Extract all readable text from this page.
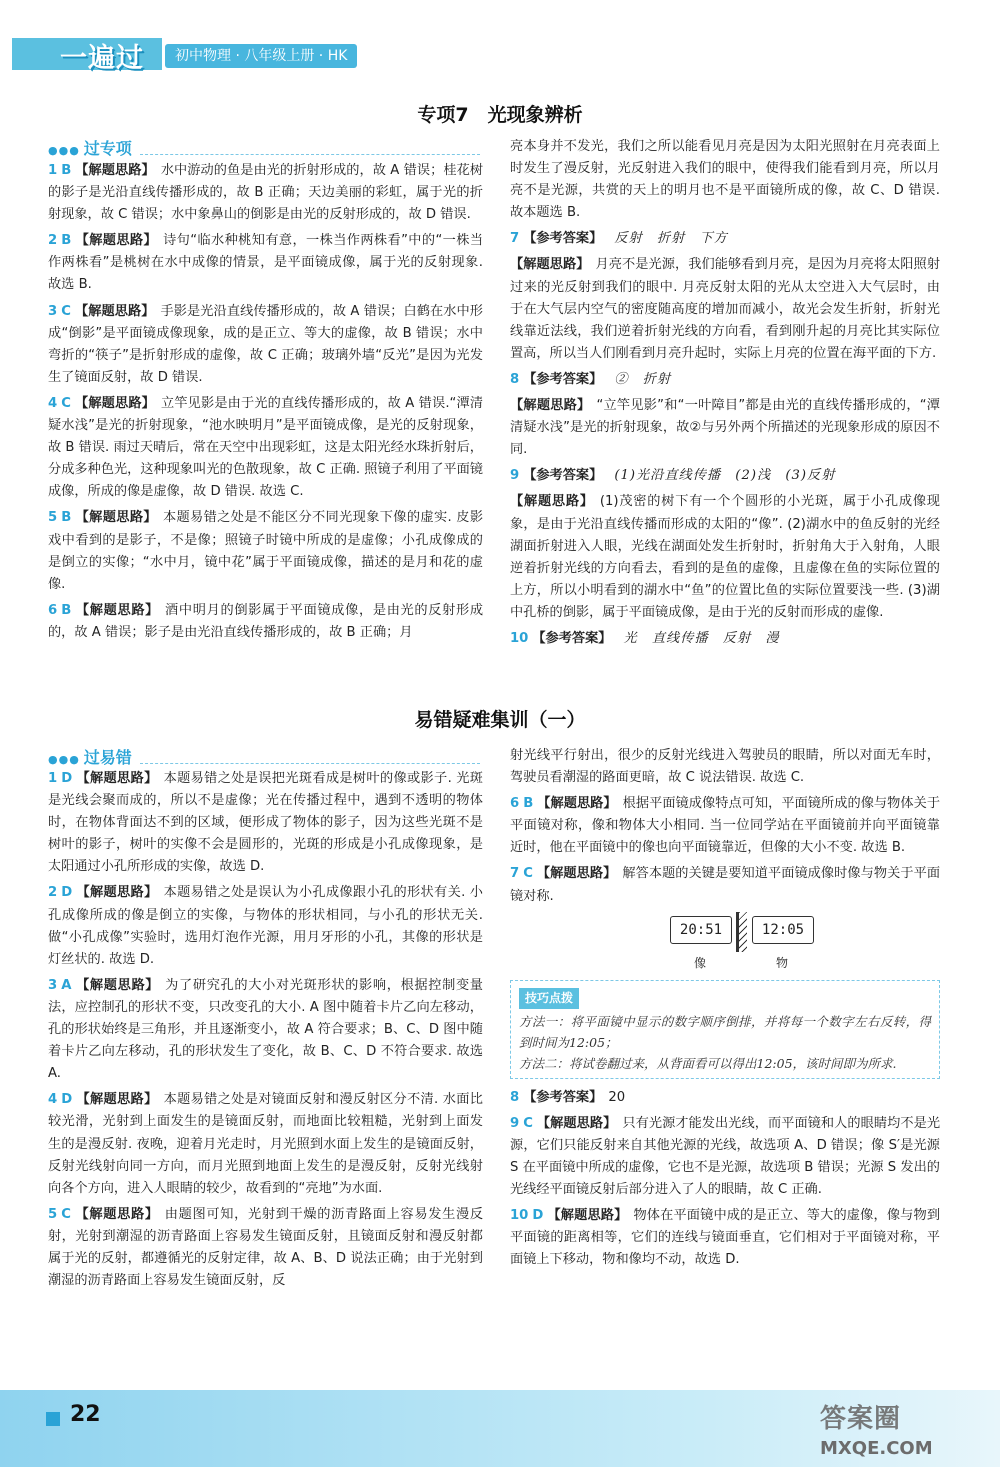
一遍过	初中物理 · 八年级上册 · HK
专项7　光现象辨析
●●● 过专项
1 B 【解题思路】 水中游动的鱼是由光的折射形成的，故 A 错误；桂花树的影子是光沿直线传播形成的，故 B 正确；天边美丽的彩虹，属于光的折射现象，故 C 错误；水中象鼻山的倒影是由光的反射形成的，故 D 错误.
2 B 【解题思路】 诗句“临水种桃知有意，一株当作两株看”中的“一株当作两株看”是桃树在水中成像的情景，是平面镜成像，属于光的反射现象. 故选 B.
3 C 【解题思路】 手影是光沿直线传播形成的，故 A 错误；白鹤在水中形成“倒影”是平面镜成像现象，成的是正立、等大的虚像，故 B 错误；水中弯折的“筷子”是折射形成的虚像，故 C 正确；玻璃外墙“反光”是因为光发生了镜面反射，故 D 错误.
4 C 【解题思路】 立竿见影是由于光的直线传播形成的，故 A 错误.“潭清疑水浅”是光的折射现象，“池水映明月”是平面镜成像，是光的反射现象，故 B 错误. 雨过天晴后，常在天空中出现彩虹，这是太阳光经水珠折射后，分成多种色光，这种现象叫光的色散现象，故 C 正确. 照镜子利用了平面镜成像，所成的像是虚像，故 D 错误. 故选 C.
5 B 【解题思路】 本题易错之处是不能区分不同光现象下像的虚实. 皮影戏中看到的是影子，不是像；照镜子时镜中所成的是虚像；小孔成像成的是倒立的实像；“水中月，镜中花”属于平面镜成像，描述的是月和花的虚像.
6 B 【解题思路】 酒中明月的倒影属于平面镜成像，是由光的反射形成的，故 A 错误；影子是由光沿直线传播形成的，故 B 正确；月
亮本身并不发光，我们之所以能看见月亮是因为太阳光照射在月亮表面上时发生了漫反射，光反射进入我们的眼中，使得我们能看到月亮，所以月亮不是光源，共赏的天上的明月也不是平面镜所成的像，故 C、D 错误. 故本题选 B.
7 【参考答案】 反射　折射　下方
【解题思路】 月亮不是光源，我们能够看到月亮，是因为月亮将太阳照射过来的光反射到我们的眼中. 月亮反射太阳的光从太空进入大气层时，由于在大气层内空气的密度随高度的增加而减小，故光会发生折射，折射光线靠近法线，我们逆着折射光线的方向看，看到刚升起的月亮比其实际位置高，所以当人们刚看到月亮升起时，实际上月亮的位置在海平面的下方.
8 【参考答案】 ②　折射
【解题思路】 “立竿见影”和“一叶障目”都是由光的直线传播形成的，“潭清疑水浅”是光的折射现象，故②与另外两个所描述的光现象形成的原因不同.
9 【参考答案】 (1)光沿直线传播　(2)浅　(3)反射
【解题思路】 (1)茂密的树下有一个个圆形的小光斑，属于小孔成像现象，是由于光沿直线传播而形成的太阳的“像”. (2)湖水中的鱼反射的光经湖面折射进入人眼，光线在湖面处发生折射时，折射角大于入射角，人眼逆着折射光线的方向看去，看到的是鱼的虚像，且虚像在鱼的实际位置的上方，所以小明看到的湖水中“鱼”的位置比鱼的实际位置要浅一些. (3)湖中孔桥的倒影，属于平面镜成像，是由于光的反射而形成的虚像.
10 【参考答案】 光　直线传播　反射　漫
易错疑难集训（一）
●●● 过易错
1 D 【解题思路】 本题易错之处是误把光斑看成是树叶的像或影子. 光斑是光线会聚而成的，所以不是虚像；光在传播过程中，遇到不透明的物体时，在物体背面达不到的区域，便形成了物体的影子，因为这些光斑不是树叶的影子，树叶的实像不会是圆形的，光斑的形成是小孔成像现象，是太阳通过小孔所形成的实像，故选 D.
2 D 【解题思路】 本题易错之处是误认为小孔成像跟小孔的形状有关. 小孔成像所成的像是倒立的实像，与物体的形状相同，与小孔的形状无关. 做“小孔成像”实验时，选用灯泡作光源，用月牙形的小孔，其像的形状是灯丝状的. 故选 D.
3 A 【解题思路】 为了研究孔的大小对光斑形状的影响，根据控制变量法，应控制孔的形状不变，只改变孔的大小. A 图中随着卡片乙向左移动，孔的形状始终是三角形，并且逐渐变小，故 A 符合要求；B、C、D 图中随着卡片乙向左移动，孔的形状发生了变化，故 B、C、D 不符合要求. 故选 A.
4 D 【解题思路】 本题易错之处是对镜面反射和漫反射区分不清. 水面比较光滑，光射到上面发生的是镜面反射，而地面比较粗糙，光射到上面发生的是漫反射. 夜晚，迎着月光走时，月光照到水面上发生的是镜面反射，反射光线射向同一方向，而月光照到地面上发生的是漫反射，反射光线射向各个方向，进入人眼睛的较少，故看到的“亮地”为水面.
5 C 【解题思路】 由题图可知，光射到干燥的沥青路面上容易发生漫反射，光射到潮湿的沥青路面上容易发生镜面反射，且镜面反射和漫反射都属于光的反射，都遵循光的反射定律，故 A、B、D 说法正确；由于光射到潮湿的沥青路面上容易发生镜面反射，反
射光线平行射出，很少的反射光线进入驾驶员的眼睛，所以对面无车时，驾驶员看潮湿的路面更暗，故 C 说法错误. 故选 C.
6 B 【解题思路】 根据平面镜成像特点可知，平面镜所成的像与物体关于平面镜对称，像和物体大小相同. 当一位同学站在平面镜前并向平面镜靠近时，他在平面镜中的像也向平面镜靠近，但像的大小不变. 故选 B.
7 C 【解题思路】 解答本题的关键是要知道平面镜成像时像与物关于平面镜对称.
20:51	12:05
像	物
技巧点拨
方法一：将平面镜中显示的数字顺序倒排，并将每一个数字左右反转，得到时间为12:05；
方法二：将试卷翻过来，从背面看可以得出12:05，该时间即为所求.
8 【参考答案】 20
9 C 【解题思路】 只有光源才能发出光线，而平面镜和人的眼睛均不是光源，它们只能反射来自其他光源的光线，故选项 A、D 错误；像 S′是光源 S 在平面镜中所成的虚像，它也不是光源，故选项 B 错误；光源 S 发出的光线经平面镜反射后部分进入了人的眼睛，故 C 正确.
10 D 【解题思路】 物体在平面镜中成的是正立、等大的虚像，像与物到平面镜的距离相等，它们的连线与镜面垂直，它们相对于平面镜对称，平面镜上下移动，物和像均不动，故选 D.
22	答案圈
MXQE.COM
